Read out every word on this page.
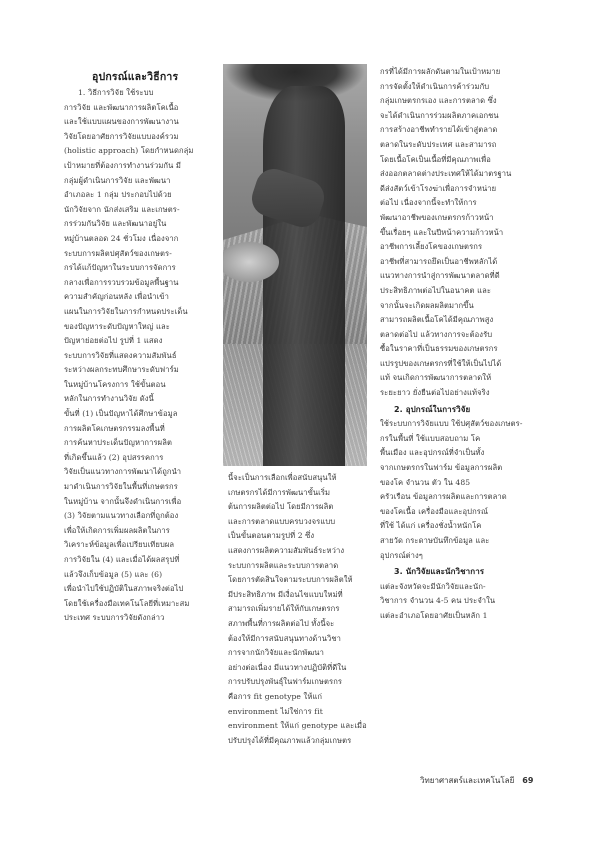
อุปกรณ์และวิธีการ

1. วิธีการวิจัย ใช้ระบบ

การวิจัย และพัฒนาการผลิตโคเนื้อ

และใช้แบบแผนของการพัฒนางาน

วิจัยโดยอาศัยการวิจัยแบบองค์รวม

(holistic approach) โดยกำหนดกลุ่ม

เป้าหมายที่ต้องการทำงานร่วมกัน มี

กลุ่มผู้ดำเนินการวิจัย และพัฒนา

อำเภอละ 1 กลุ่ม ประกอบไปด้วย

นักวิจัยจาก นักส่งเสริม และเกษตร-

กรร่วมกันวิจัย และพัฒนาอยู่ใน

หมู่บ้านตลอด 24 ชั่วโมง เนื่องจาก

ระบบการผลิตปศุสัตว์ของเกษตร-

กรได้แก้ปัญหาในระบบการจัดการ

กลางเพื่อการรวบรวมข้อมูลพื้นฐาน

ความสำคัญก่อนหลัง เพื่อนำเข้า

แผนในการวิจัยในการกำหนดประเด็น

ของปัญหาระดับปัญหาใหญ่ และ

ปัญหาย่อยต่อไป รูปที่ 1 แสดง

ระบบการวิจัยที่แสดงความสัมพันธ์

ระหว่างผลกระทบศึกษาระดับฟาร์ม

ในหมู่บ้านโครงการ ใช้ขั้นตอน

หลักในการทำงานวิจัย ดังนี้

ขั้นที่ (1) เป็นปัญหาได้ศึกษาข้อมูล

การผลิตโคเกษตรกรรมลงพื้นที่

การค้นหาประเด็นปัญหาการผลิต

ที่เกิดขึ้นแล้ว (2) อุปสรรคการ

วิจัยเป็นแนวทางการพัฒนาได้ถูกนำ

มาดำเนินการวิจัยในพื้นที่เกษตรกร

ในหมู่บ้าน จากนั้นจึงดำเนินการเพื่อ

(3) วิจัยตามแนวทางเลือกที่ถูกต้อง

เพื่อให้เกิดการเพิ่มผลผลิตในการ

วิเคราะห์ข้อมูลเพื่อเปรียบเทียบผล

การวิจัยใน (4) และเมื่อได้ผลสรุปที่

แล้วจึงเก็บข้อมูล (5) และ (6)

เพื่อนำไปใช้ปฏิบัติในสภาพจริงต่อไป

โดยใช้เครื่องมือเทคโนโลยีที่เหมาะสม

ประเทศ ระบบการวิจัยดังกล่าว

นี้จะเป็นการเลือกเพื่อสนับสนุนให้

เกษตรกรได้มีการพัฒนาขั้นเริ่ม

ต้นการผลิตต่อไป โดยมีการผลิต

และการตลาดแบบครบวงจรแบบ

เป็นขั้นตอนตามรูปที่ 2 ซึ่ง

แสดงการผลิตความสัมพันธ์ระหว่าง

ระบบการผลิตและระบบการตลาด

โดยการตัดสินใจตามระบบการผลิตให้

มีประสิทธิภาพ มีเงื่อนไขแบบใหม่ที่

สามารถเพิ่มรายได้ให้กับเกษตรกร

สภาพพื้นที่การผลิตต่อไป ทั้งนี้จะ

ต้องให้มีการสนับสนุนทางด้านวิชา

การจากนักวิจัยและนักพัฒนา

อย่างต่อเนื่อง มีแนวทางปฏิบัติที่ดีใน

การปรับปรุงพันธุ์ในฟาร์มเกษตรกร

คือการ fit genotype ให้แก่

environment ไม่ใช่การ fit

environment ให้แก่ genotype และเมื่อ

ปรับปรุงได้ที่มีคุณภาพแล้วกลุ่มเกษตร

กรที่ได้มีการผลักดันตามในเป้าหมาย

การจัดตั้งให้ดำเนินการค้าร่วมกับ

กลุ่มเกษตรกรเอง และการตลาด ซึ่ง

จะได้ดำเนินการร่วมผลิตภาคเอกชน

การสร้างอาชีพทำรายได้เข้าสู่ตลาด

ตลาดในระดับประเทศ และสามารถ

โดยเนื้อโคเป็นเนื้อที่มีคุณภาพเพื่อ

ส่งออกตลาดต่างประเทศให้ได้มาตรฐาน

ดีส่งสัตว์เข้าโรงฆ่าเพื่อการจำหน่าย

ต่อไป เนื่องจากนี้จะทำให้การ

พัฒนาอาชีพของเกษตรกรก้าวหน้า

ขึ้นเรื่อยๆ และในปีหน้าความก้าวหน้า

อาชีพการเลี้ยงโคของเกษตรกร

อาชีพที่สามารถยึดเป็นอาชีพหลักได้

แนวทางการนำสู่การพัฒนาตลาดที่ดี

ประสิทธิภาพต่อไปในอนาคต และ

จากนั้นจะเกิดผลผลิตมากขึ้น

สามารถผลิตเนื้อโคได้มีคุณภาพสูง

ตลาดต่อไป แล้วทางการจะต้องรับ

ซื้อในราคาที่เป็นธรรมของเกษตรกร

แปรรูปของเกษตรกรที่ใช้ให้เป็นไปได้

แท้ จนเกิดการพัฒนาการตลาดให้

ระยะยาว ยั่งยืนต่อไปอย่างแท้จริง

2. อุปกรณ์ในการวิจัย

ใช้ระบบการวิจัยแบบ ใช้ปศุสัตว์ของเกษตร-

กรในพื้นที่ ใช้แบบสอบถาม โค

พื้นเมือง และอุปกรณ์ที่จำเป็นทั้ง

จากเกษตรกรในฟาร์ม ข้อมูลการผลิต

ของโค จำนวน ตัว ใน 485

ครัวเรือน ข้อมูลการผลิตและการตลาด

ของโคเนื้อ เครื่องมือและอุปกรณ์

ที่ใช้ ได้แก่ เครื่องชั่งน้ำหนักโค

สายวัด กระดาษบันทึกข้อมูล และ

อุปกรณ์ต่างๆ

3. นักวิจัยและนักวิชาการ

แต่ละจังหวัดจะมีนักวิจัยและนัก-

วิชาการ จำนวน 4-5 คน ประจำใน

แต่ละอำเภอโดยอาศัยเป็นหลัก 1

วิทยาศาสตร์และเทคโนโลยี 69
